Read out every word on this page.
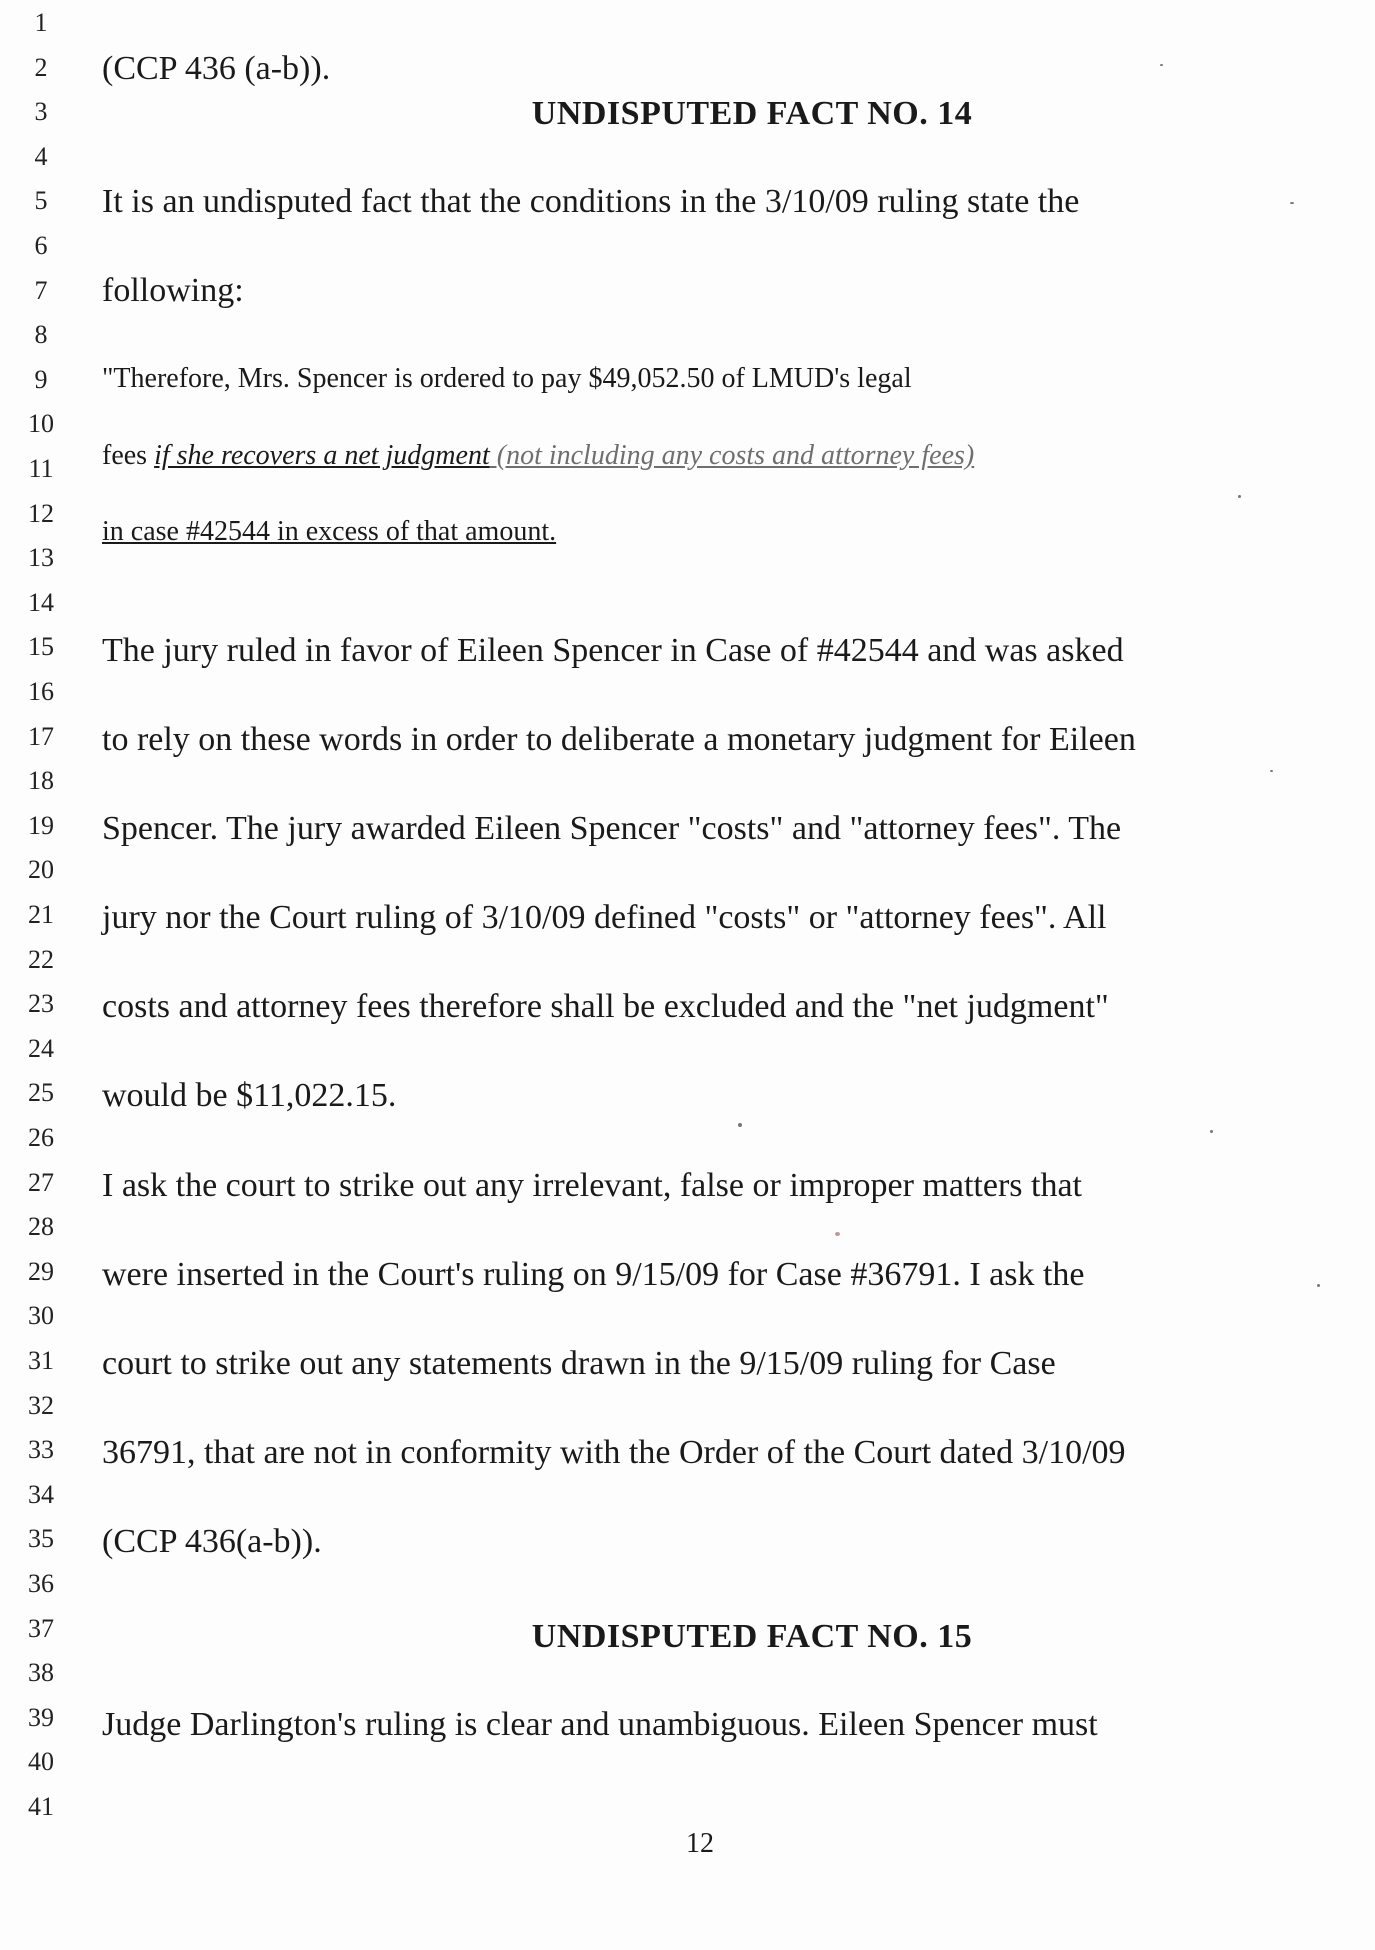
1
2
3
4
5
6
7
8
9
10
11
12
13
14
15
16
17
18
19
20
21
22
23
24
25
26
27
28
29
30
31
32
33
34
35
36
37
38
39
40
41
(CCP 436 (a-b)).
UNDISPUTED FACT NO. 14
It is an undisputed fact that the conditions in the 3/10/09 ruling state the
following:
"Therefore, Mrs. Spencer is ordered to pay $49,052.50 of LMUD's legal
fees if she recovers a net judgment (not including any costs and attorney fees)
in case #42544 in excess of that amount.
The jury ruled in favor of Eileen Spencer in Case of #42544 and was asked
to rely on these words in order to deliberate a monetary judgment for Eileen
Spencer. The jury awarded Eileen Spencer "costs" and "attorney fees". The
jury nor the Court ruling of 3/10/09 defined "costs" or "attorney fees". All
costs and attorney fees therefore shall be excluded and the "net judgment"
would be $11,022.15.
I ask the court to strike out any irrelevant, false or improper matters that
were inserted in the Court's ruling on 9/15/09 for Case #36791. I ask the
court to strike out any statements drawn in the 9/15/09 ruling for Case
36791, that are not in conformity with the Order of the Court dated 3/10/09
(CCP 436(a-b)).
UNDISPUTED FACT NO. 15
Judge Darlington's ruling is clear and unambiguous. Eileen Spencer must
12
